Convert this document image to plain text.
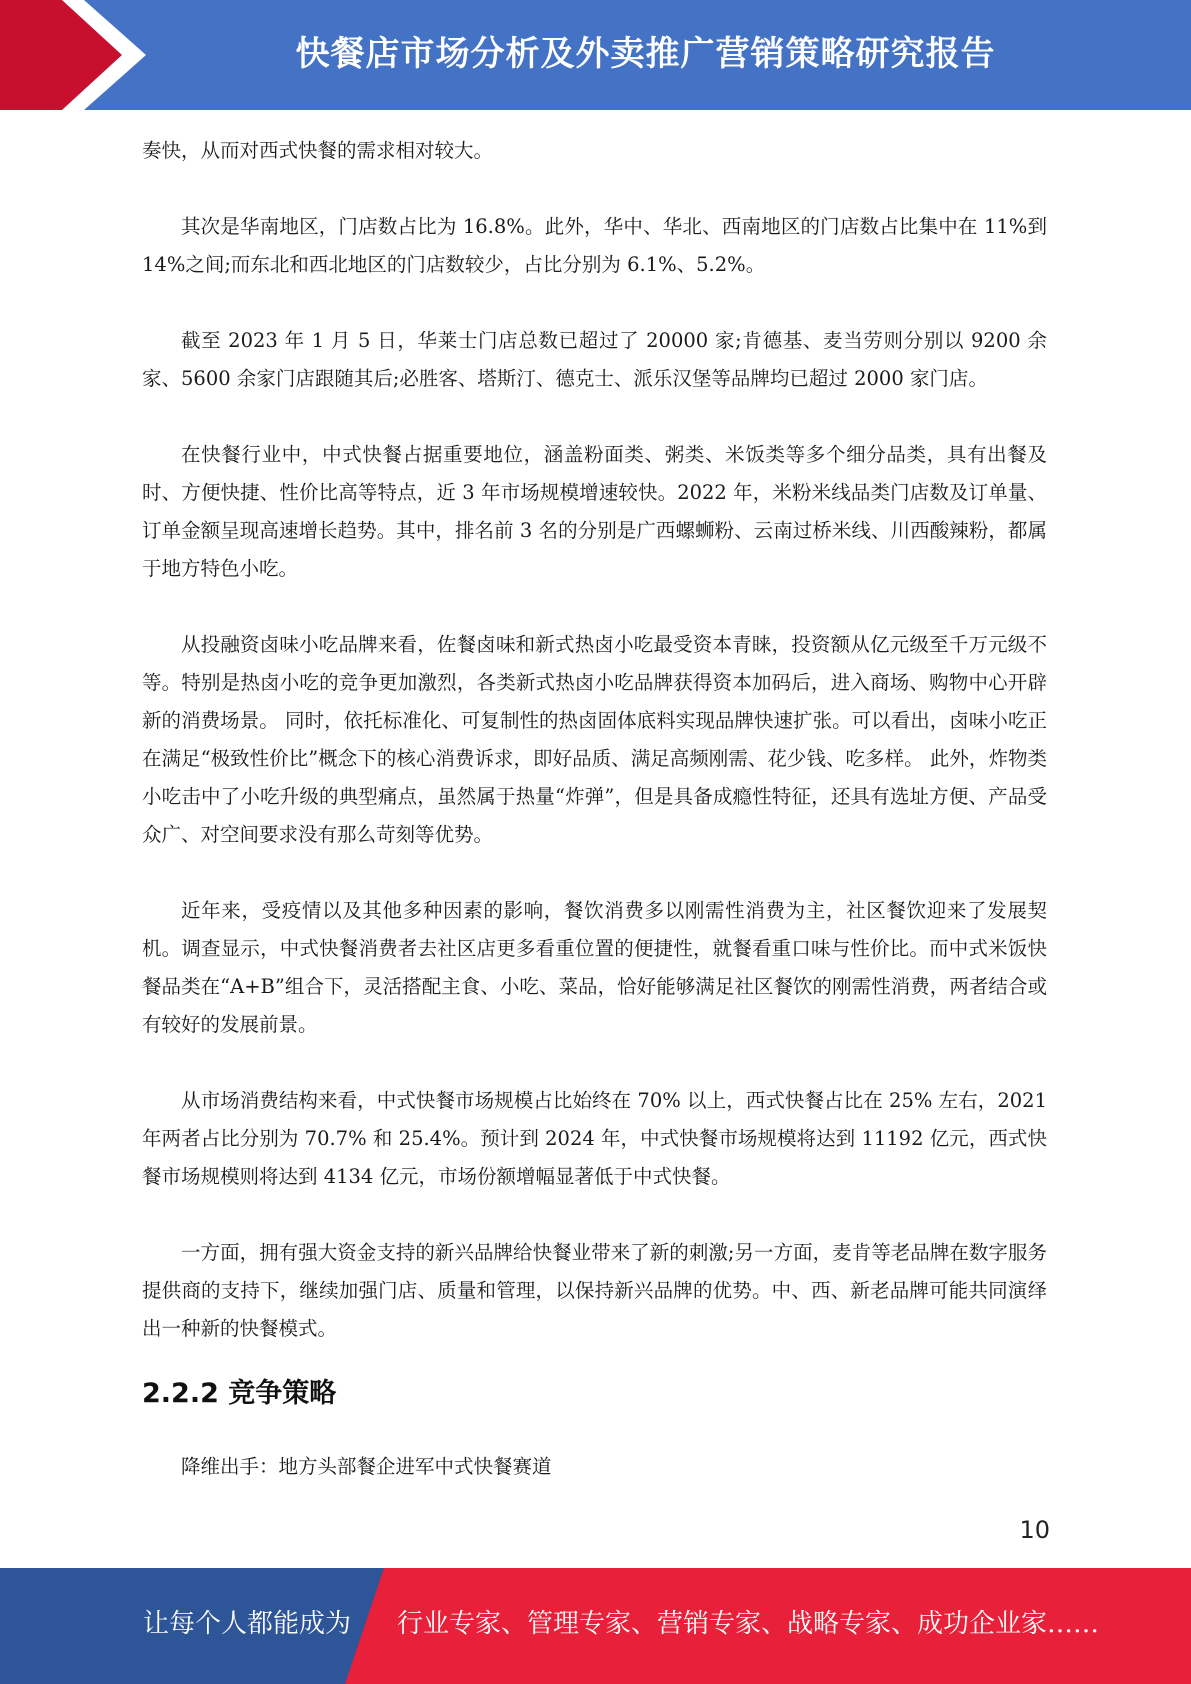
快餐店市场分析及外卖推广营销策略研究报告

奏快，从而对西式快餐的需求相对较大。

其次是华南地区，门店数占比为 16.8%。此外，华中、华北、西南地区的门店数占比集中在 11%到 14%之间;而东北和西北地区的门店数较少，占比分别为 6.1%、5.2%。

截至 2023 年 1 月 5 日，华莱士门店总数已超过了 20000 家;肯德基、麦当劳则分别以 9200 余家、5600 余家门店跟随其后;必胜客、塔斯汀、德克士、派乐汉堡等品牌均已超过 2000 家门店。

在快餐行业中，中式快餐占据重要地位，涵盖粉面类、粥类、米饭类等多个细分品类，具有出餐及时、方便快捷、性价比高等特点，近 3 年市场规模增速较快。2022 年，米粉米线品类门店数及订单量、订单金额呈现高速增长趋势。其中，排名前 3 名的分别是广西螺蛳粉、云南过桥米线、川西酸辣粉，都属于地方特色小吃。

从投融资卤味小吃品牌来看，佐餐卤味和新式热卤小吃最受资本青睐，投资额从亿元级至千万元级不等。特别是热卤小吃的竞争更加激烈，各类新式热卤小吃品牌获得资本加码后，进入商场、购物中心开辟新的消费场景。 同时，依托标准化、可复制性的热卤固体底料实现品牌快速扩张。可以看出，卤味小吃正在满足“极致性价比”概念下的核心消费诉求，即好品质、满足高频刚需、花少钱、吃多样。 此外，炸物类小吃击中了小吃升级的典型痛点，虽然属于热量“炸弹”，但是具备成瘾性特征，还具有选址方便、产品受众广、对空间要求没有那么苛刻等优势。

近年来，受疫情以及其他多种因素的影响，餐饮消费多以刚需性消费为主，社区餐饮迎来了发展契机。调查显示，中式快餐消费者去社区店更多看重位置的便捷性，就餐看重口味与性价比。而中式米饭快餐品类在“A+B”组合下，灵活搭配主食、小吃、菜品，恰好能够满足社区餐饮的刚需性消费，两者结合或有较好的发展前景。

从市场消费结构来看，中式快餐市场规模占比始终在 70% 以上，西式快餐占比在 25% 左右，2021 年两者占比分别为 70.7% 和 25.4%。预计到 2024 年，中式快餐市场规模将达到 11192 亿元，西式快餐市场规模则将达到 4134 亿元，市场份额增幅显著低于中式快餐。

一方面，拥有强大资金支持的新兴品牌给快餐业带来了新的刺激;另一方面，麦肯等老品牌在数字服务提供商的支持下，继续加强门店、质量和管理，以保持新兴品牌的优势。中、西、新老品牌可能共同演绎出一种新的快餐模式。

2.2.2 竞争策略

降维出手：地方头部餐企进军中式快餐赛道

10
让每个人都能成为 行业专家、管理专家、营销专家、战略专家、成功企业家……
